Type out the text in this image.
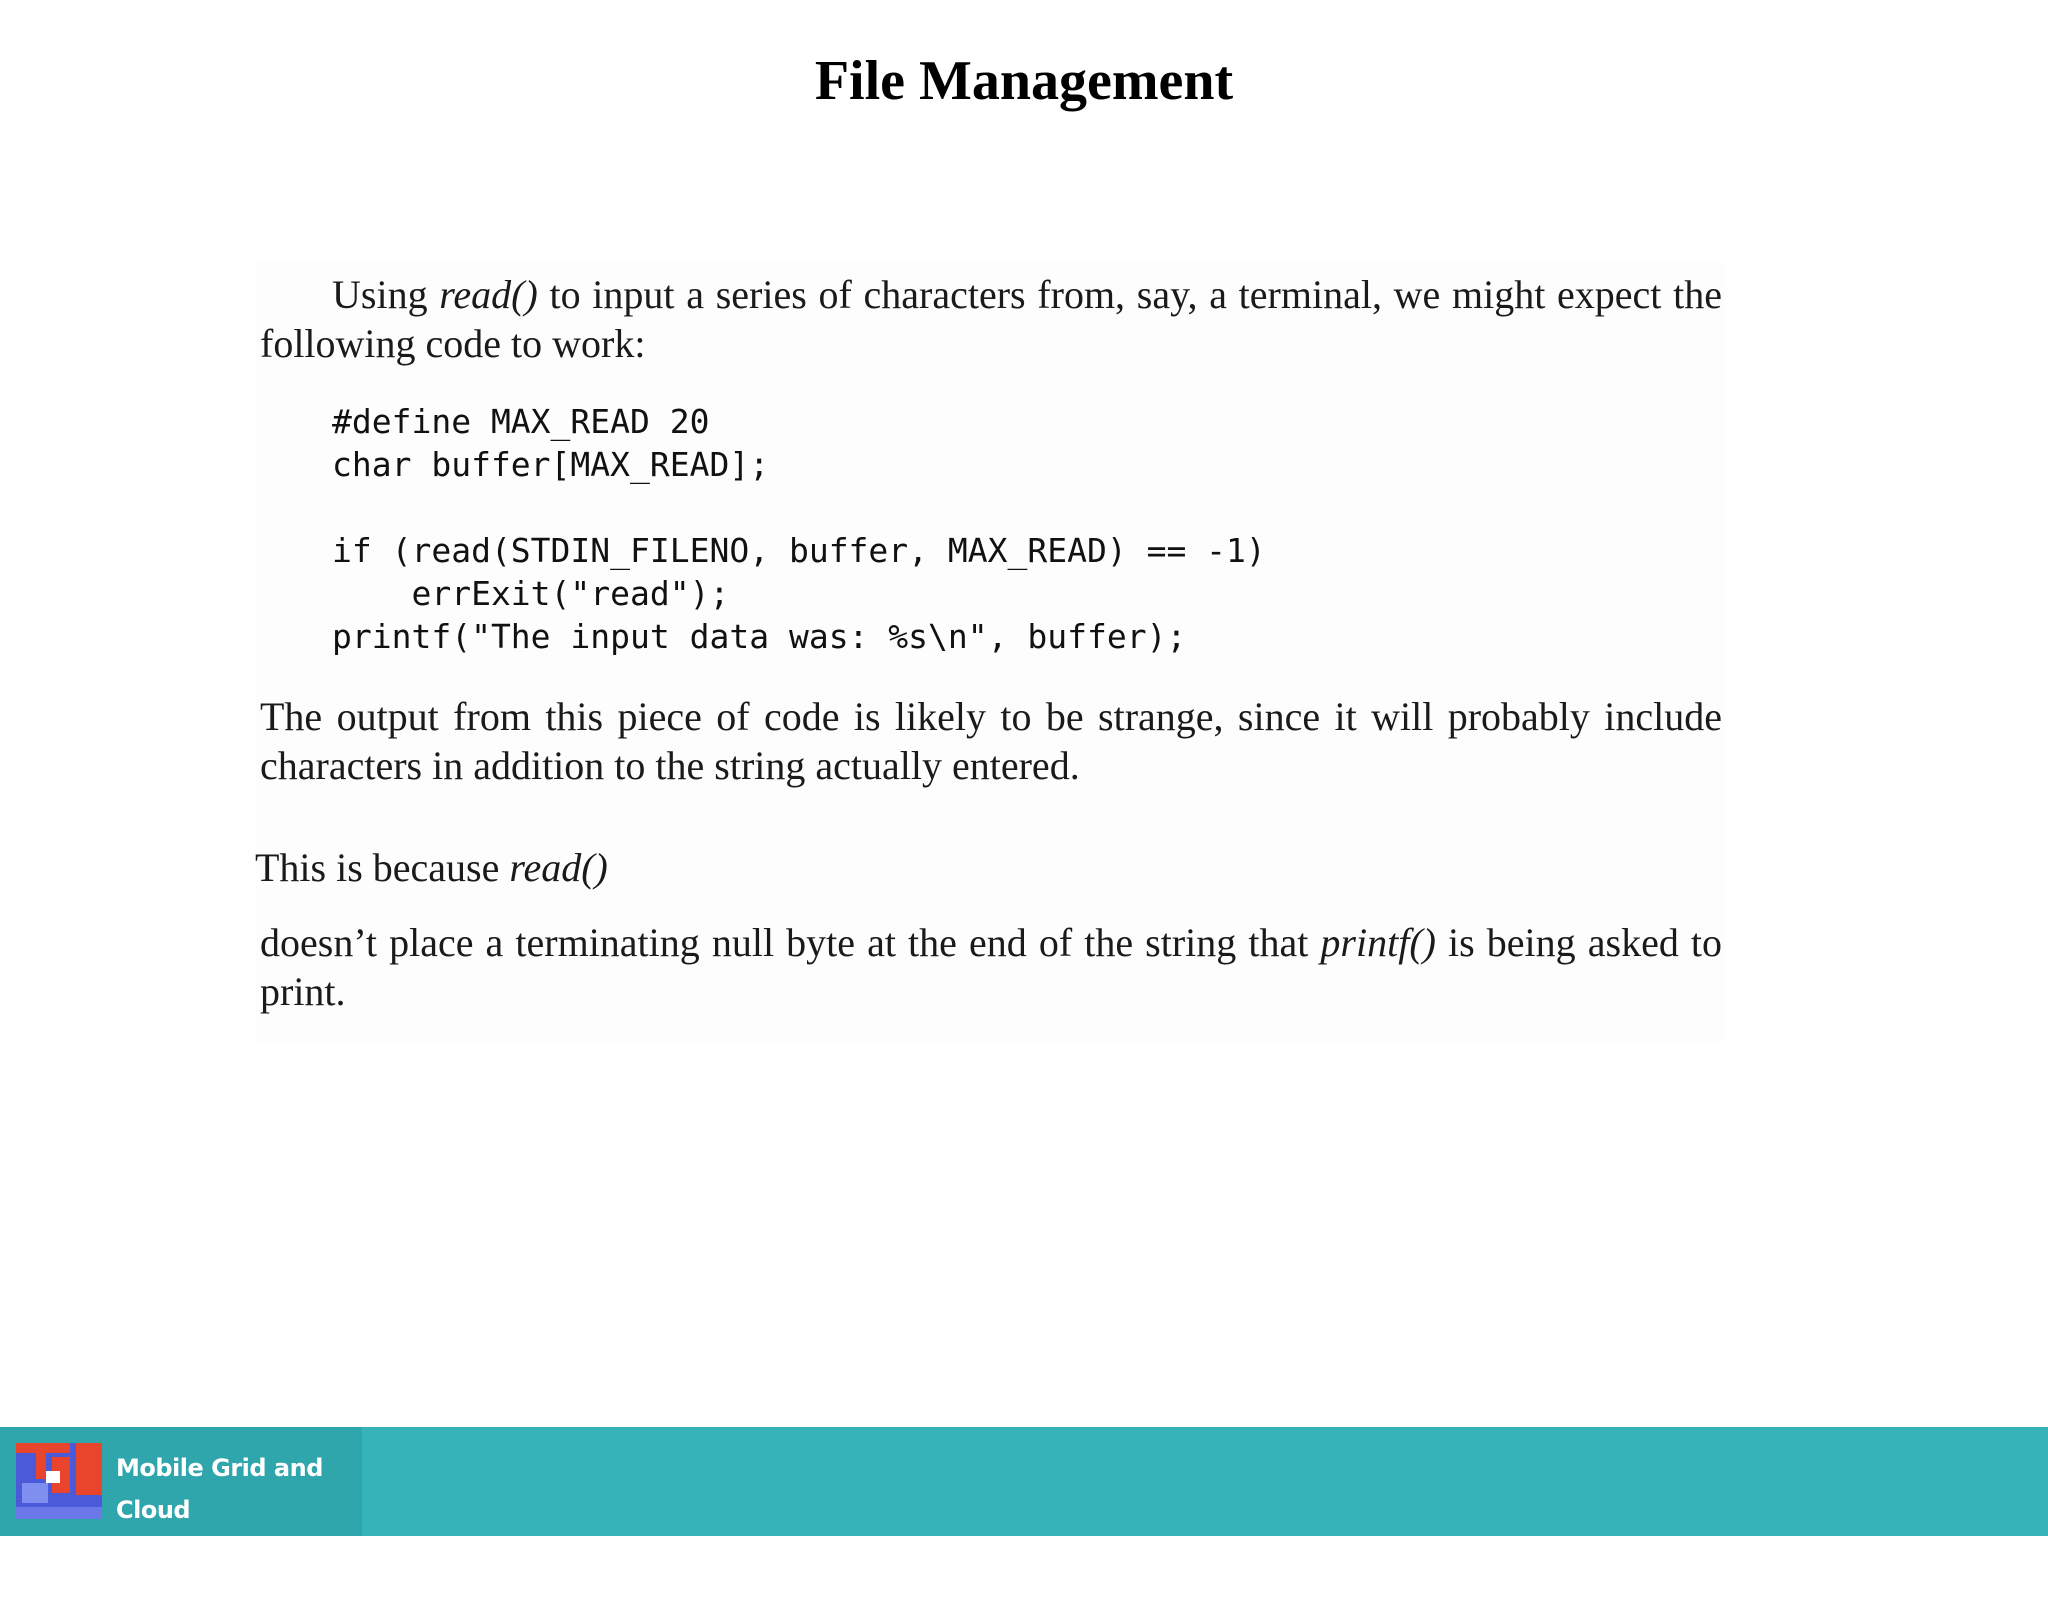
File Management

Using read() to input a series of characters from, say, a terminal, we might expect the following code to work:

#define MAX_READ 20
char buffer[MAX_READ];
if (read(STDIN_FILENO, buffer, MAX_READ) == -1)
errExit("read");
printf("The input data was: %s\n", buffer);

The output from this piece of code is likely to be strange, since it will probably include characters in addition to the string actually entered.

This is because read()

doesn’t place a terminating null byte at the end of the string that printf() is being asked to print.

Mobile Grid and Cloud
Computing Laboratory
